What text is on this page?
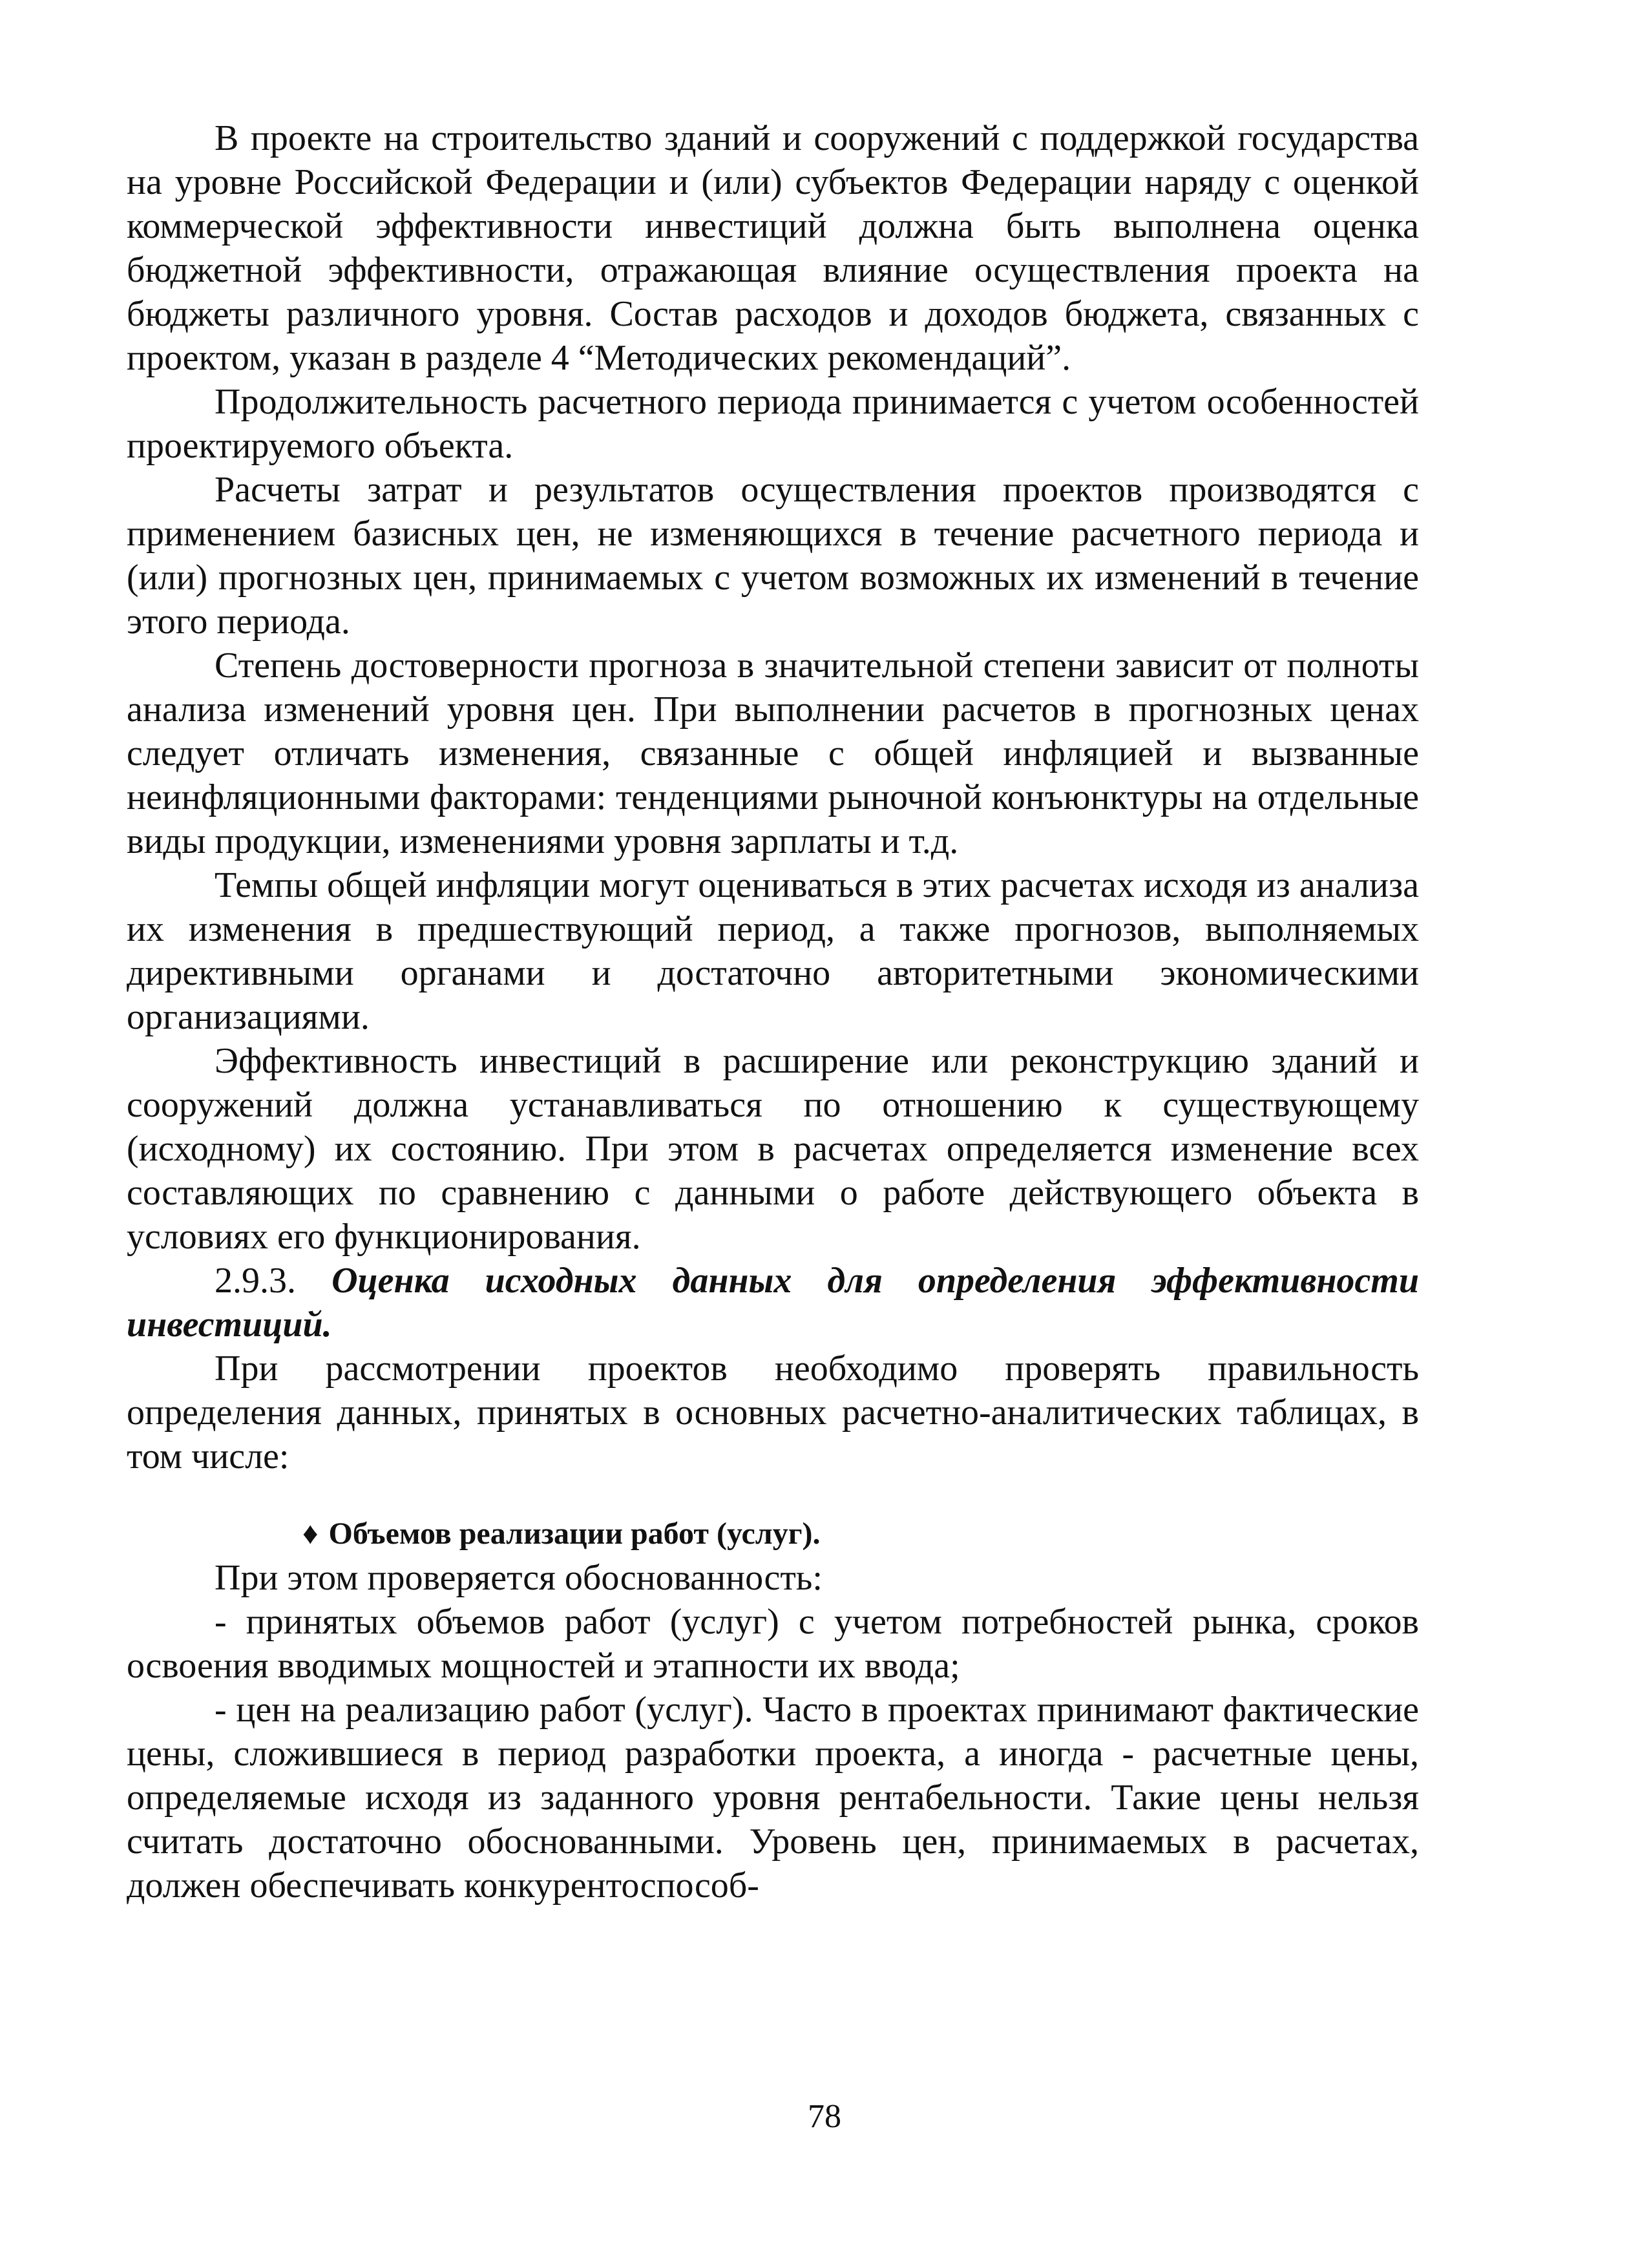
В проекте на строительство зданий и сооружений с поддержкой государства на уровне Российской Федерации и (или) субъектов Федерации наряду с оценкой коммерческой эффективности инвестиций должна быть выполнена оценка бюджетной эффективности, отражающая влияние осуществления проекта на бюджеты различного уровня. Состав расходов и доходов бюджета, связанных с проектом, указан в разделе 4 “Методических рекомендаций”.

Продолжительность расчетного периода принимается с учетом особенностей проектируемого объекта.

Расчеты затрат и результатов осуществления проектов производятся с применением базисных цен, не изменяющихся в течение расчетного периода и (или) прогнозных цен, принимаемых с учетом возможных их изменений в течение этого периода.

Степень достоверности прогноза в значительной степени зависит от полноты анализа изменений уровня цен. При выполнении расчетов в прогнозных ценах следует отличать изменения, связанные с общей инфляцией и вызванные неинфляционными факторами: тенденциями рыночной конъюнктуры на отдельные виды продукции, изменениями уровня зарплаты и т.д.

Темпы общей инфляции могут оцениваться в этих расчетах исходя из анализа их изменения в предшествующий период, а также прогнозов, выполняемых директивными органами и достаточно авторитетными экономическими организациями.

Эффективность инвестиций в расширение или реконструкцию зданий и сооружений должна устанавливаться по отношению к существующему (исходному) их состоянию. При этом в расчетах определяется изменение всех составляющих по сравнению с данными о работе действующего объекта в условиях его функционирования.

2.9.3. Оценка исходных данных для определения эффективности инвестиций.

При рассмотрении проектов необходимо проверять правильность определения данных, принятых в основных расчетно-аналитических таблицах, в том числе:

♦ Объемов реализации работ (услуг).

При этом проверяется обоснованность:

- принятых объемов работ (услуг) с учетом потребностей рынка, сроков освоения вводимых мощностей и этапности их ввода;

- цен на реализацию работ (услуг). Часто в проектах принимают фактические цены, сложившиеся в период разработки проекта, а иногда - расчетные цены, определяемые исходя из заданного уровня рентабельности. Такие цены нельзя считать достаточно обоснованными. Уровень цен, принимаемых в расчетах, должен обеспечивать конкурентоспособ-

78
